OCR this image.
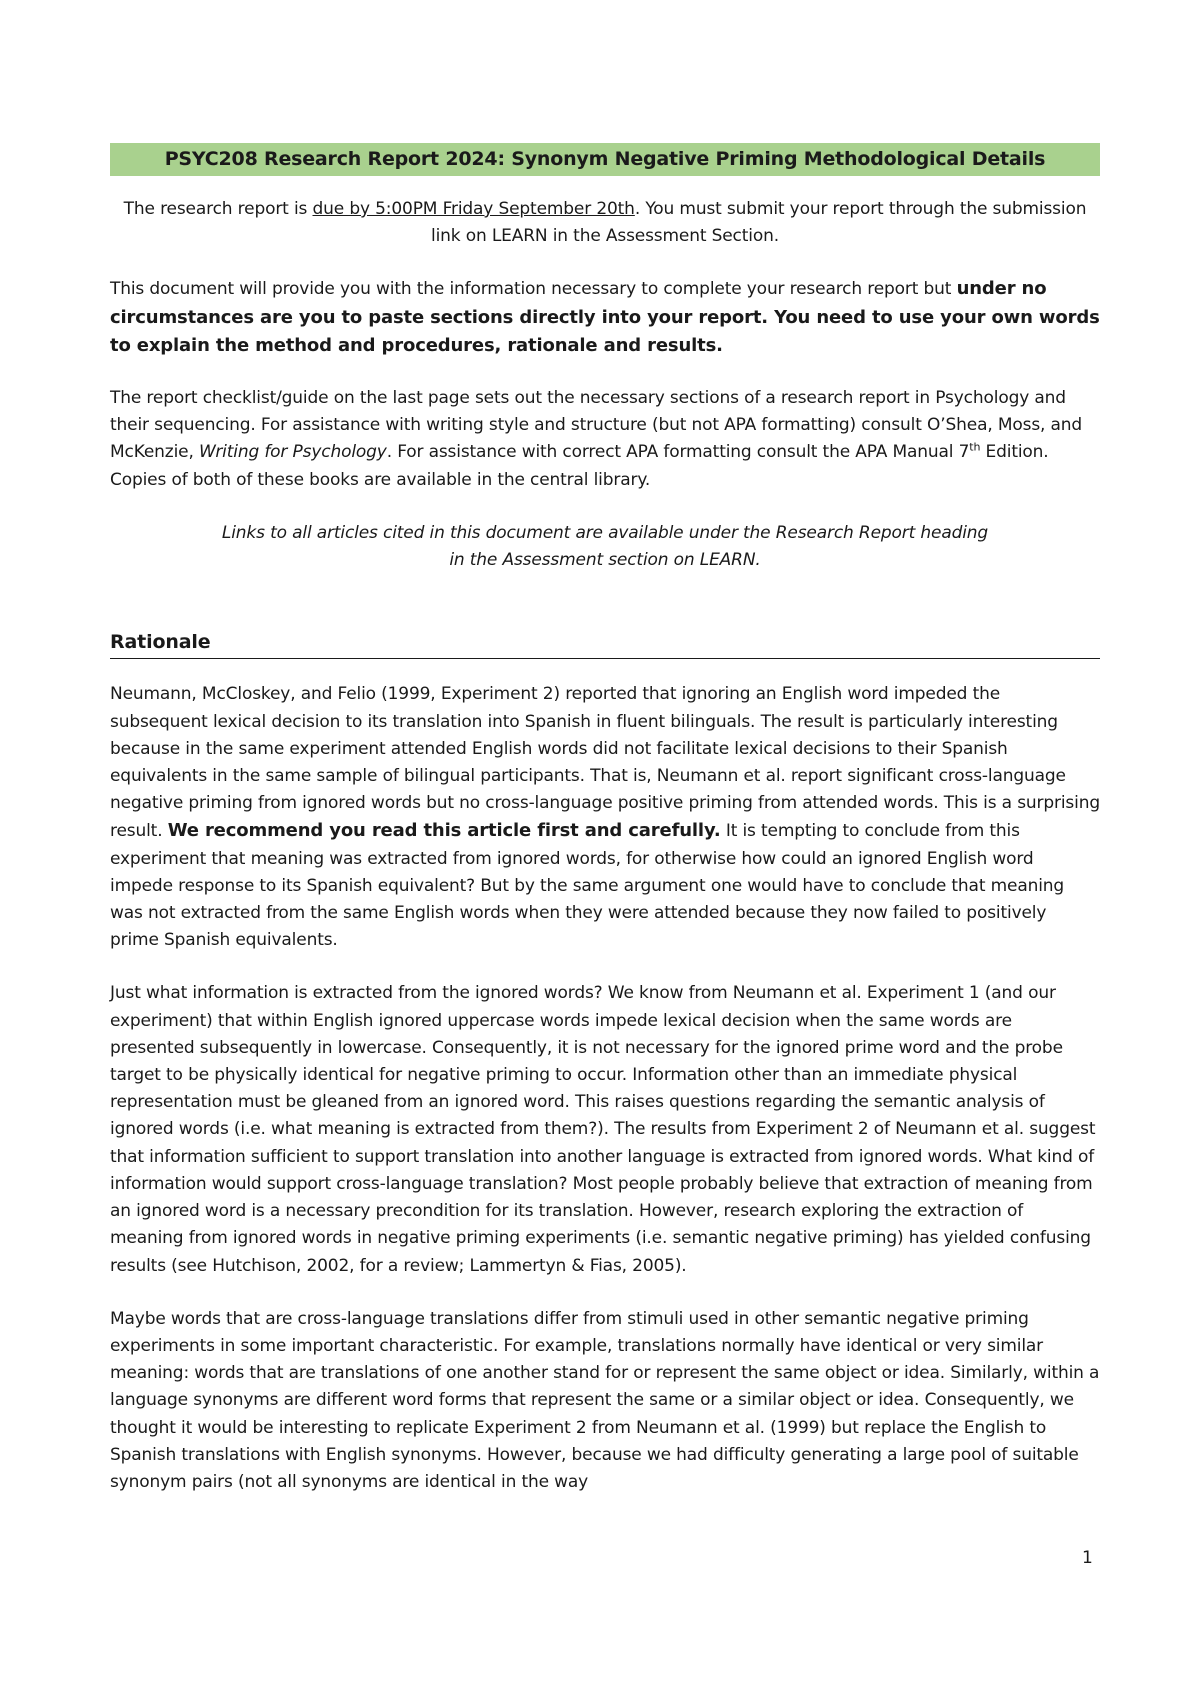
PSYC208 Research Report 2024: Synonym Negative Priming Methodological Details

The research report is due by 5:00PM Friday September 20th. You must submit your report through the submission link on LEARN in the Assessment Section.

This document will provide you with the information necessary to complete your research report but under no circumstances are you to paste sections directly into your report. You need to use your own words to explain the method and procedures, rationale and results.

The report checklist/guide on the last page sets out the necessary sections of a research report in Psychology and their sequencing. For assistance with writing style and structure (but not APA formatting) consult O’Shea, Moss, and McKenzie, Writing for Psychology. For assistance with correct APA formatting consult the APA Manual 7th Edition. Copies of both of these books are available in the central library.

Links to all articles cited in this document are available under the Research Report heading
in the Assessment section on LEARN.

Rationale

Neumann, McCloskey, and Felio (1999, Experiment 2) reported that ignoring an English word impeded the subsequent lexical decision to its translation into Spanish in fluent bilinguals. The result is particularly interesting because in the same experiment attended English words did not facilitate lexical decisions to their Spanish equivalents in the same sample of bilingual participants. That is, Neumann et al. report significant cross-language negative priming from ignored words but no cross-language positive priming from attended words. This is a surprising result. We recommend you read this article first and carefully. It is tempting to conclude from this experiment that meaning was extracted from ignored words, for otherwise how could an ignored English word impede response to its Spanish equivalent? But by the same argument one would have to conclude that meaning was not extracted from the same English words when they were attended because they now failed to positively prime Spanish equivalents.

Just what information is extracted from the ignored words? We know from Neumann et al. Experiment 1 (and our experiment) that within English ignored uppercase words impede lexical decision when the same words are presented subsequently in lowercase. Consequently, it is not necessary for the ignored prime word and the probe target to be physically identical for negative priming to occur. Information other than an immediate physical representation must be gleaned from an ignored word. This raises questions regarding the semantic analysis of ignored words (i.e. what meaning is extracted from them?). The results from Experiment 2 of Neumann et al. suggest that information sufficient to support translation into another language is extracted from ignored words. What kind of information would support cross-language translation? Most people probably believe that extraction of meaning from an ignored word is a necessary precondition for its translation. However, research exploring the extraction of meaning from ignored words in negative priming experiments (i.e. semantic negative priming) has yielded confusing results (see Hutchison, 2002, for a review; Lammertyn & Fias, 2005).

Maybe words that are cross-language translations differ from stimuli used in other semantic negative priming experiments in some important characteristic. For example, translations normally have identical or very similar meaning: words that are translations of one another stand for or represent the same object or idea. Similarly, within a language synonyms are different word forms that represent the same or a similar object or idea. Consequently, we thought it would be interesting to replicate Experiment 2 from Neumann et al. (1999) but replace the English to Spanish translations with English synonyms. However, because we had difficulty generating a large pool of suitable synonym pairs (not all synonyms are identical in the way

1
